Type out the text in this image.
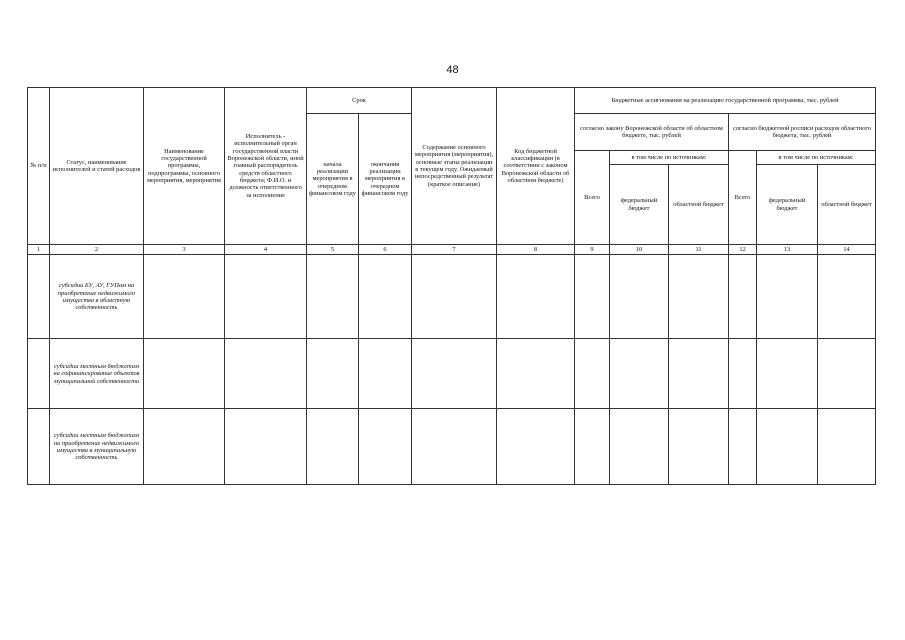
48
№ п/п	Статус, наименование исполнителей и статей расходов	Наименование государственной программы, подпрограммы, основного мероприятия, мероприятия	Исполнитель - исполнительный орган государственной власти Воронежской области, иной главный распорядитель средств областного бюджета; Ф.И.О. и должность ответственного за исполнение	Срок		Содержание основного мероприятия (мероприятия), основные этапы реализации в текущем году. Ожидаемый непосредственный результат (краткое описание)	Код бюджетной классификации (в соответствии с законом Воронежской области об областном бюджете)	Бюджетные ассигнования на реализацию государственной программы, тыс. рублей					
				начала реализации мероприятия в очередном финансовом году	окончания реализации мероприятия в очередном финансовом году			согласно закону Воронежской области об областном бюджете, тыс. рублей			согласно бюджетной росписи расходов областного бюджета, тыс. рублей		
								Всего	в том числе по источникам:		Всего	в том числе по источникам:	
									федеральный бюджет	областной бюджет		федеральный бюджет	областной бюджет
1	2	3	4	5	6	7	8	9	10	11	12	13	14
	субсидии БУ, АУ, ГУПам на приобретение недвижимого имущества в областную собственность												
	субсидии местным бюджетам на софинансирование объектов муниципальной собственности												
	субсидии местным бюджетам на приобретение недвижимого имущества в муниципальную собственность												
